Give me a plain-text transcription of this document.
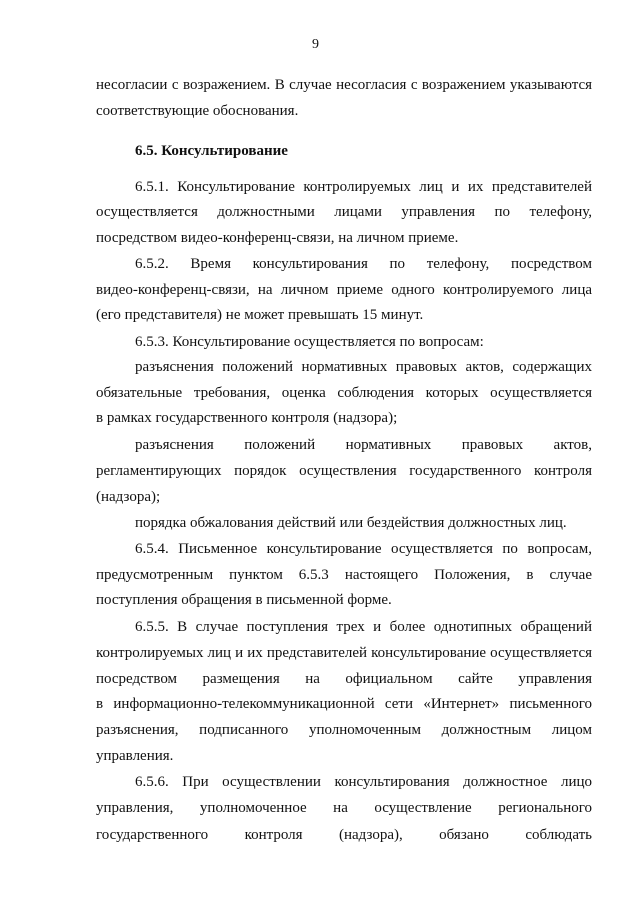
9
несогласии с возражением. В случае несогласия с возражением указываются
соответствующие обоснования.
6.5. Консультирование
6.5.1. Консультирование контролируемых лиц и их представителей
осуществляется должностными лицами управления по телефону,
посредством видео-конференц-связи, на личном приеме.
6.5.2. Время консультирования по телефону, посредством
видео-конференц-связи, на личном приеме одного контролируемого лица
(его представителя) не может превышать 15 минут.
6.5.3. Консультирование осуществляется по вопросам:
разъяснения положений нормативных правовых актов, содержащих
обязательные требования, оценка соблюдения которых осуществляется
в рамках государственного контроля (надзора);
разъяснения положений нормативных правовых актов,
регламентирующих порядок осуществления государственного контроля
(надзора);
порядка обжалования действий или бездействия должностных лиц.
6.5.4. Письменное консультирование осуществляется по вопросам,
предусмотренным пунктом 6.5.3 настоящего Положения, в случае
поступления обращения в письменной форме.
6.5.5. В случае поступления трех и более однотипных обращений
контролируемых лиц и их представителей консультирование осуществляется
посредством размещения на официальном сайте управления
в информационно-телекоммуникационной сети «Интернет» письменного
разъяснения, подписанного уполномоченным должностным лицом
управления.
6.5.6. При осуществлении консультирования должностное лицо
управления, уполномоченное на осуществление регионального
государственного контроля (надзора), обязано соблюдать
